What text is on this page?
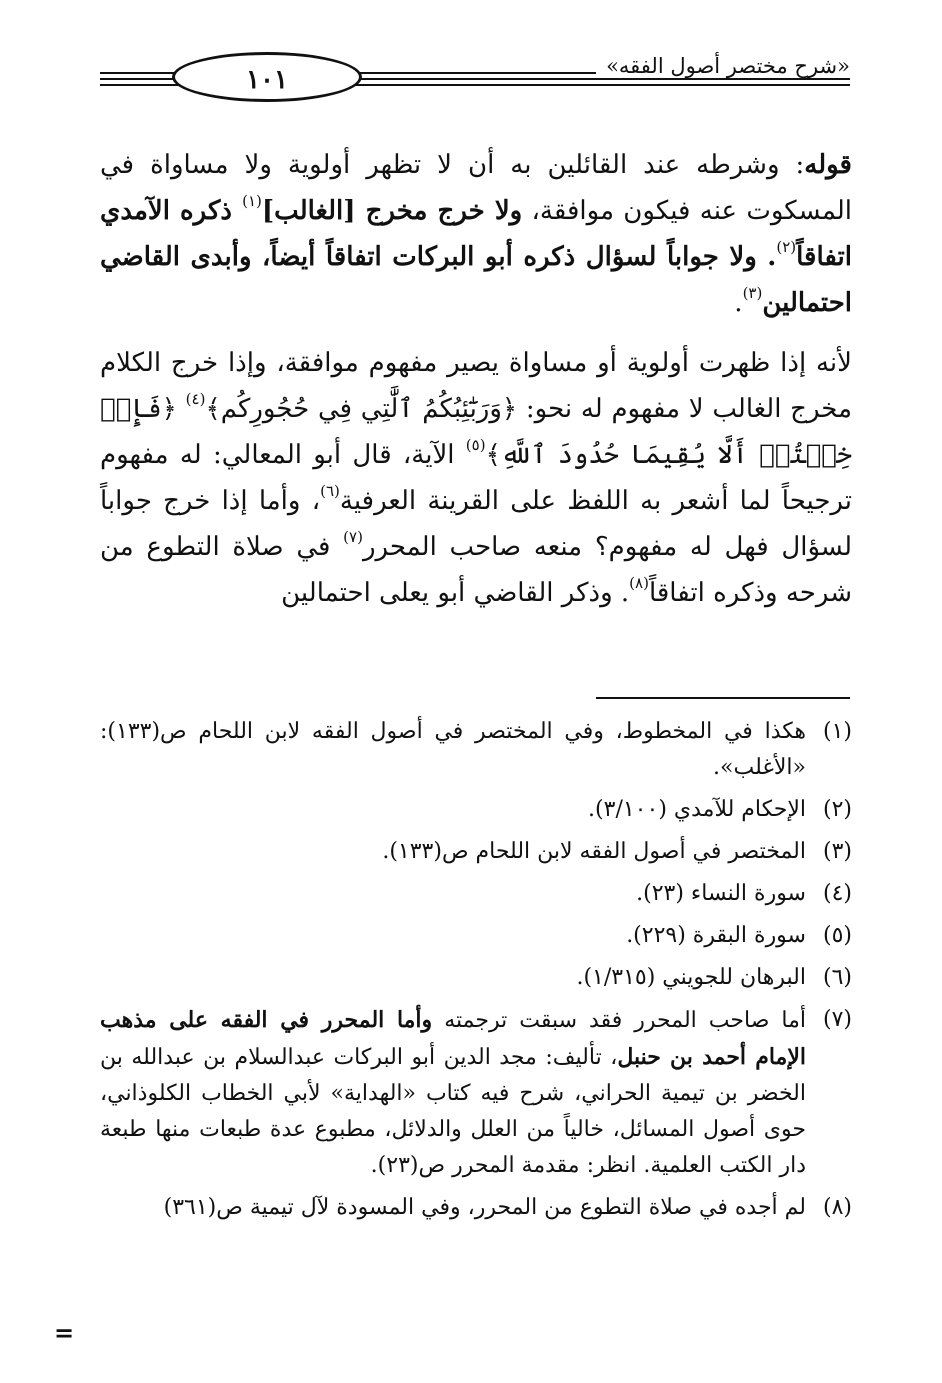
١٠١	«شرح مختصر أصول الفقه»

قوله: وشرطه عند القائلين به أن لا تظهر أولوية ولا مساواة في المسكوت عنه فيكون موافقة، ولا خرج مخرج [الغالب]$^{(١)}$ ذكره الآمدي اتفاقاً$^{(٢)}$. ولا جواباً لسؤال ذكره أبو البركات اتفاقاً أيضاً، وأبدى القاضي احتمالين$^{(٣)}$.

لأنه إذا ظهرت أولوية أو مساواة يصير مفهوم موافقة، وإذا خرج الكلام مخرج الغالب لا مفهوم له نحو: ﴿وَرَبَٰٓئِبُكُمُ ٱلَّٰتِي فِي حُجُورِكُم﴾$^{(٤)}$ ﴿فَإِنۡ خِفۡتُمۡ أَلَّا يُقِيمَا حُدُودَ ٱللَّهِ﴾$^{(٥)}$ الآية، قال أبو المعالي: له مفهوم ترجيحاً لما أشعر به اللفظ على القرينة العرفية$^{(٦)}$، وأما إذا خرج جواباً لسؤال فهل له مفهوم؟ منعه صاحب المحرر$^{(٧)}$ في صلاة التطوع من شرحه وذكره اتفاقاً$^{(٨)}$. وذكر القاضي أبو يعلى احتمالين

(١)
هكذا في المخطوط، وفي المختصر في أصول الفقه لابن اللحام ص(١٣٣): «الأغلب».
(٢)
الإحكام للآمدي (٣/١٠٠).
(٣)
المختصر في أصول الفقه لابن اللحام ص(١٣٣).
(٤)
سورة النساء (٢٣).
(٥)
سورة البقرة (٢٢٩).
(٦)
البرهان للجويني (١/٣١٥).
(٧)
أما صاحب المحرر فقد سبقت ترجمته وأما المحرر في الفقه على مذهب الإمام أحمد بن حنبل، تأليف: مجد الدين أبو البركات عبدالسلام بن عبدالله بن الخضر بن تيمية الحراني، شرح فيه كتاب «الهداية» لأبي الخطاب الكلوذاني، حوى أصول المسائل، خالياً من العلل والدلائل، مطبوع عدة طبعات منها طبعة دار الكتب العلمية. انظر: مقدمة المحرر ص(٢٣).
(٨)
لم أجده في صلاة التطوع من المحرر، وفي المسودة لآل تيمية ص(٣٦١)
=
